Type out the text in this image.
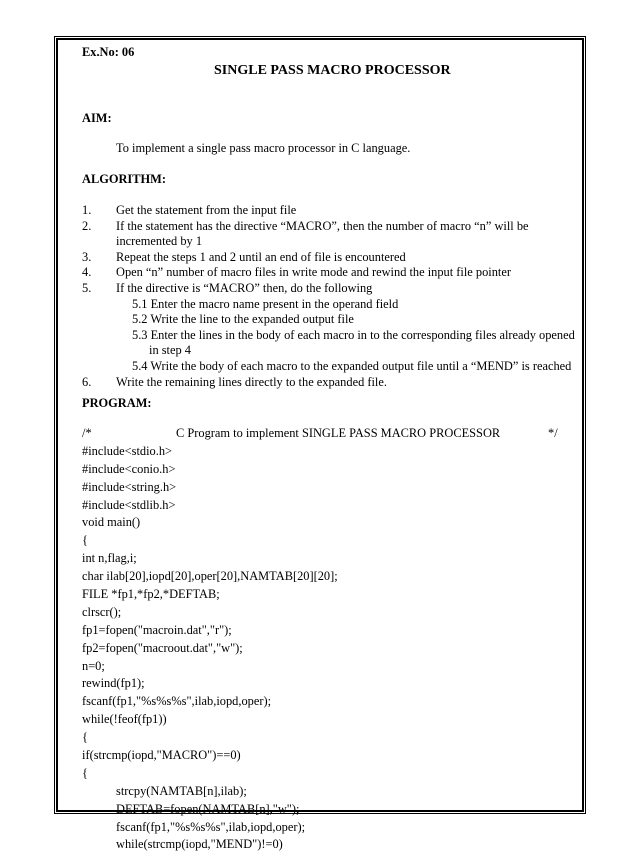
Ex.No: 06
SINGLE PASS MACRO PROCESSOR
AIM:
To implement a single pass macro processor in C language.
ALGORITHM:
1. Get the statement from the input file
2. If the statement has the directive “MACRO”, then the number of macro “n” will be
incremented by 1
3. Repeat the steps 1 and 2 until an end of file is encountered
4. Open “n” number of macro files in write mode and rewind the input file pointer
5. If the directive is “MACRO” then, do the following
5.1 Enter the macro name present in the operand field
5.2 Write the line to the expanded output file
5.3 Enter the lines in the body of each macro in to the corresponding files already opened
in step 4
5.4 Write the body of each macro to the expanded output file until a “MEND” is reached
6. Write the remaining lines directly to the expanded file.
PROGRAM:
/*	C Program to implement SINGLE PASS MACRO PROCESSOR	*/
#include<stdio.h>
#include<conio.h>
#include<string.h>
#include<stdlib.h>
void main()
{
int n,flag,i;
char ilab[20],iopd[20],oper[20],NAMTAB[20][20];
FILE *fp1,*fp2,*DEFTAB;
clrscr();
fp1=fopen("macroin.dat","r");
fp2=fopen("macroout.dat","w");
n=0;
rewind(fp1);
fscanf(fp1,"%s%s%s",ilab,iopd,oper);
while(!feof(fp1))
{
if(strcmp(iopd,"MACRO")==0)
{
strcpy(NAMTAB[n],ilab);
DEFTAB=fopen(NAMTAB[n],"w");
fscanf(fp1,"%s%s%s",ilab,iopd,oper);
while(strcmp(iopd,"MEND")!=0)
